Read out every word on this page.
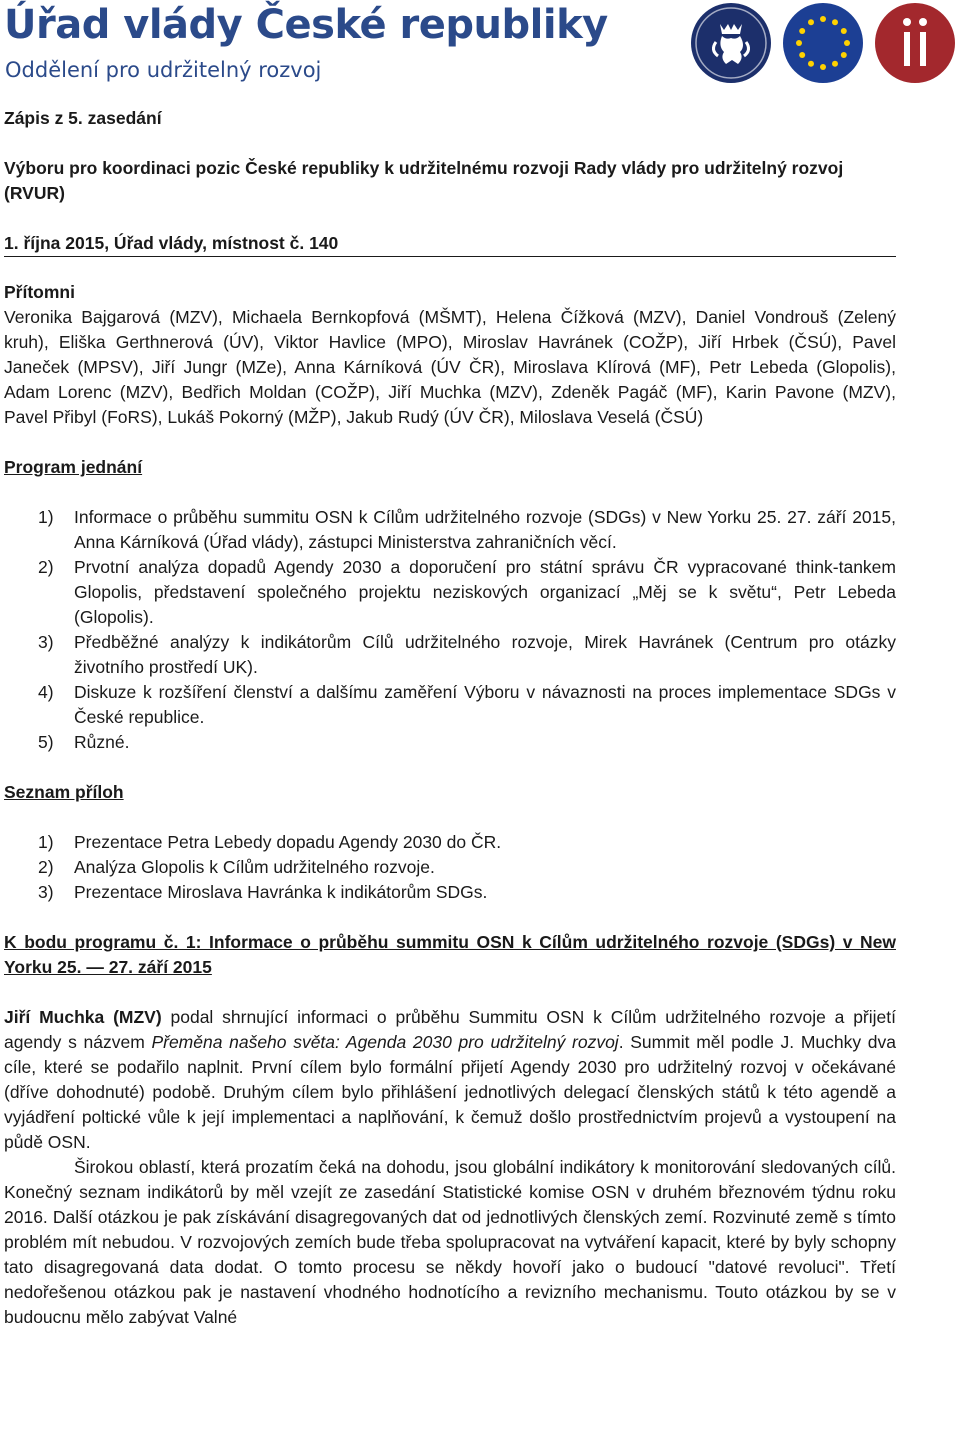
Úřad vlády České republiky
Oddělení pro udržitelný rozvoj

Zápis z 5. zasedání

Výboru pro koordinaci pozic České republiky k udržitelnému rozvoji Rady vlády pro udržitelný rozvoj (RVUR)

1. října 2015, Úřad vlády, místnost č. 140

Přítomni

Veronika Bajgarová (MZV), Michaela Bernkopfová (MŠMT), Helena Čížková (MZV), Daniel Vondrouš (Zelený kruh), Eliška Gerthnerová (ÚV), Viktor Havlice (MPO), Miroslav Havránek (COŽP), Jiří Hrbek (ČSÚ), Pavel Janeček (MPSV), Jiří Jungr (MZe), Anna Kárníková (ÚV ČR), Miroslava Klírová (MF), Petr Lebeda (Glopolis), Adam Lorenc (MZV), Bedřich Moldan (COŽP), Jiří Muchka (MZV), Zdeněk Pagáč (MF), Karin Pavone (MZV), Pavel Přibyl (FoRS), Lukáš Pokorný (MŽP), Jakub Rudý (ÚV ČR), Miloslava Veselá (ČSÚ)

Program jednání

1) Informace o průběhu summitu OSN k Cílům udržitelného rozvoje (SDGs) v New Yorku 25. 27. září 2015, Anna Kárníková (Úřad vlády), zástupci Ministerstva zahraničních věcí.
2) Prvotní analýza dopadů Agendy 2030 a doporučení pro státní správu ČR vypracované think-tankem Glopolis, představení společného projektu neziskových organizací „Měj se k světu“, Petr Lebeda (Glopolis).
3) Předběžné analýzy k indikátorům Cílů udržitelného rozvoje, Mirek Havránek (Centrum pro otázky životního prostředí UK).
4) Diskuze k rozšíření členství a dalšímu zaměření Výboru v návaznosti na proces implementace SDGs v České republice.
5) Různé.

Seznam příloh

1) Prezentace Petra Lebedy dopadu Agendy 2030 do ČR.
2) Analýza Glopolis k Cílům udržitelného rozvoje.
3) Prezentace Miroslava Havránka k indikátorům SDGs.

K bodu programu č. 1: Informace o průběhu summitu OSN k Cílům udržitelného rozvoje (SDGs) v New Yorku 25. — 27. září 2015

Jiří Muchka (MZV) podal shrnující informaci o průběhu Summitu OSN k Cílům udržitelného rozvoje a přijetí agendy s názvem Přeměna našeho světa: Agenda 2030 pro udržitelný rozvoj. Summit měl podle J. Muchky dva cíle, které se podařilo naplnit. První cílem bylo formální přijetí Agendy 2030 pro udržitelný rozvoj v očekávané (dříve dohodnuté) podobě. Druhým cílem bylo přihlášení jednotlivých delegací členských států k této agendě a vyjádření poltické vůle k její implementaci a naplňování, k čemuž došlo prostřednictvím projevů a vystoupení na půdě OSN.

Širokou oblastí, která prozatím čeká na dohodu, jsou globální indikátory k monitorování sledovaných cílů. Konečný seznam indikátorů by měl vzejít ze zasedání Statistické komise OSN v druhém březnovém týdnu roku 2016. Další otázkou je pak získávání disagregovaných dat od jednotlivých členských zemí. Rozvinuté země s tímto problém mít nebudou. V rozvojových zemích bude třeba spolupracovat na vytváření kapacit, které by byly schopny tato disagregovaná data dodat. O tomto procesu se někdy hovoří jako o budoucí "datové revoluci". Třetí nedořešenou otázkou pak je nastavení vhodného hodnotícího a revizního mechanismu. Touto otázkou by se v budoucnu mělo zabývat Valné
